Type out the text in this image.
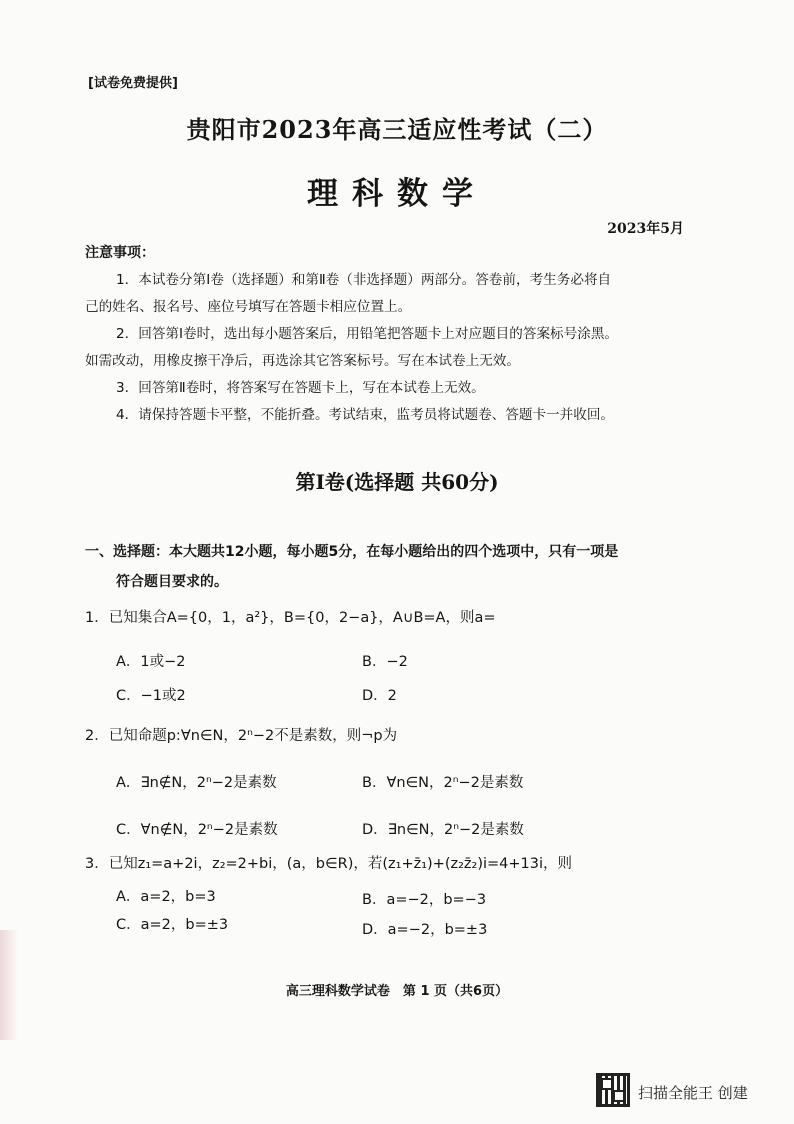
[试卷免费提供]
贵阳市2023年高三适应性考试（二）
理科数学
2023年5月
注意事项：
1．本试卷分第Ⅰ卷（选择题）和第Ⅱ卷（非选择题）两部分。答卷前，考生务必将自
己的姓名、报名号、座位号填写在答题卡相应位置上。
2．回答第Ⅰ卷时，选出每小题答案后，用铅笔把答题卡上对应题目的答案标号涂黑。
如需改动，用橡皮擦干净后，再选涂其它答案标号。写在本试卷上无效。
3．回答第Ⅱ卷时，将答案写在答题卡上，写在本试卷上无效。
4．请保持答题卡平整，不能折叠。考试结束，监考员将试题卷、答题卡一并收回。
第Ⅰ卷(选择题 共60分)
一、选择题：本大题共12小题，每小题5分，在每小题给出的四个选项中，只有一项是
符合题目要求的。
1．已知集合A={0，1，a²}，B={0，2−a}，A∪B=A，则a=
A．1或−2	B．−2
C．−1或2	D．2
2．已知命题p:∀n∈N，2ⁿ−2不是素数，则¬p为
A．∃n∉N，2ⁿ−2是素数	B．∀n∈N，2ⁿ−2是素数
C．∀n∉N，2ⁿ−2是素数	D．∃n∈N，2ⁿ−2是素数
3．已知z₁=a+2i，z₂=2+bi，(a，b∈R)，若(z₁+z̄₁)+(z₂z̄₂)i=4+13i，则
A．a=2，b=3	B．a=−2，b=−3
C．a=2，b=±3	D．a=−2，b=±3
高三理科数学试卷　第 1 页（共6页）
扫描全能王 创建
